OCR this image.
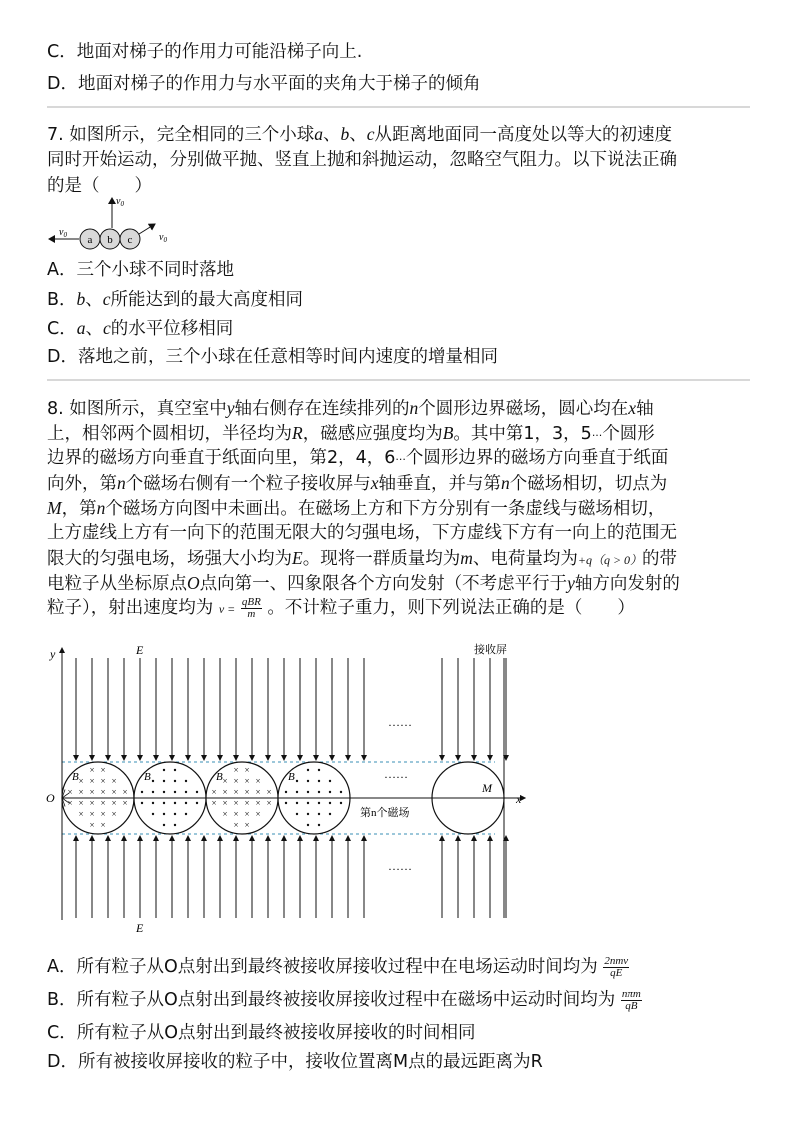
C．地面对梯子的作用力可能沿梯子向上.
D．地面对梯子的作用力与水平面的夹角大于梯子的倾角
7. 如图所示，完全相同的三个小球a、b、c从距离地面同一高度处以等大的初速度
同时开始运动，分别做平抛、竖直上抛和斜抛运动，忽略空气阻力。以下说法正确
的是（　　）
$v_0$
$v_0$
$v_0$
a b c
A．三个小球不同时落地
B．b、c所能达到的最大高度相同
C．a、c的水平位移相同
D．落地之前，三个小球在任意相等时间内速度的增量相同
8. 如图所示，真空室中y轴右侧存在连续排列的n个圆形边界磁场，圆心均在x轴
上，相邻两个圆相切，半径均为R，磁感应强度均为B。其中第1，3，5···个圆形
边界的磁场方向垂直于纸面向里，第2，4，6···个圆形边界的磁场方向垂直于纸面
向外，第n个磁场右侧有一个粒子接收屏与x轴垂直，并与第n个磁场相切，切点为
M，第n个磁场方向图中未画出。在磁场上方和下方分别有一条虚线与磁场相切，
上方虚线上方有一向下的范围无限大的匀强电场，下方虚线下方有一向上的范围无
限大的匀强电场，场强大小均为E。现将一群质量均为m、电荷量均为+q（q > 0）的带
电粒子从坐标原点O点向第一、四象限各个方向发射（不考虑平行于y轴方向发射的
粒子），射出速度均为 $v = \frac{\text{qBR}}{m}$ 。不计粒子重力，则下列说法正确的是（　　）
× ×
× × × ×
× × × × × ×
× × × × × ×
× × × ×
× ×
B	B
× ×
× × × ×
× × × × × ×
× × × × × ×
× × × ×
× ×
B	B
y
x
O
E
E
接收屏
M
第n个磁场
……
……
……
A．所有粒子从O点射出到最终被接收屏接收过程中在电场运动时间均为 $\frac{\text{2nmv}}{qE}$
B．所有粒子从O点射出到最终被接收屏接收过程中在磁场中运动时间均为 $\frac{\text{nπm}}{qB}$
C．所有粒子从O点射出到最终被接收屏接收的时间相同
D．所有被接收屏接收的粒子中，接收位置离M点的最远距离为R
